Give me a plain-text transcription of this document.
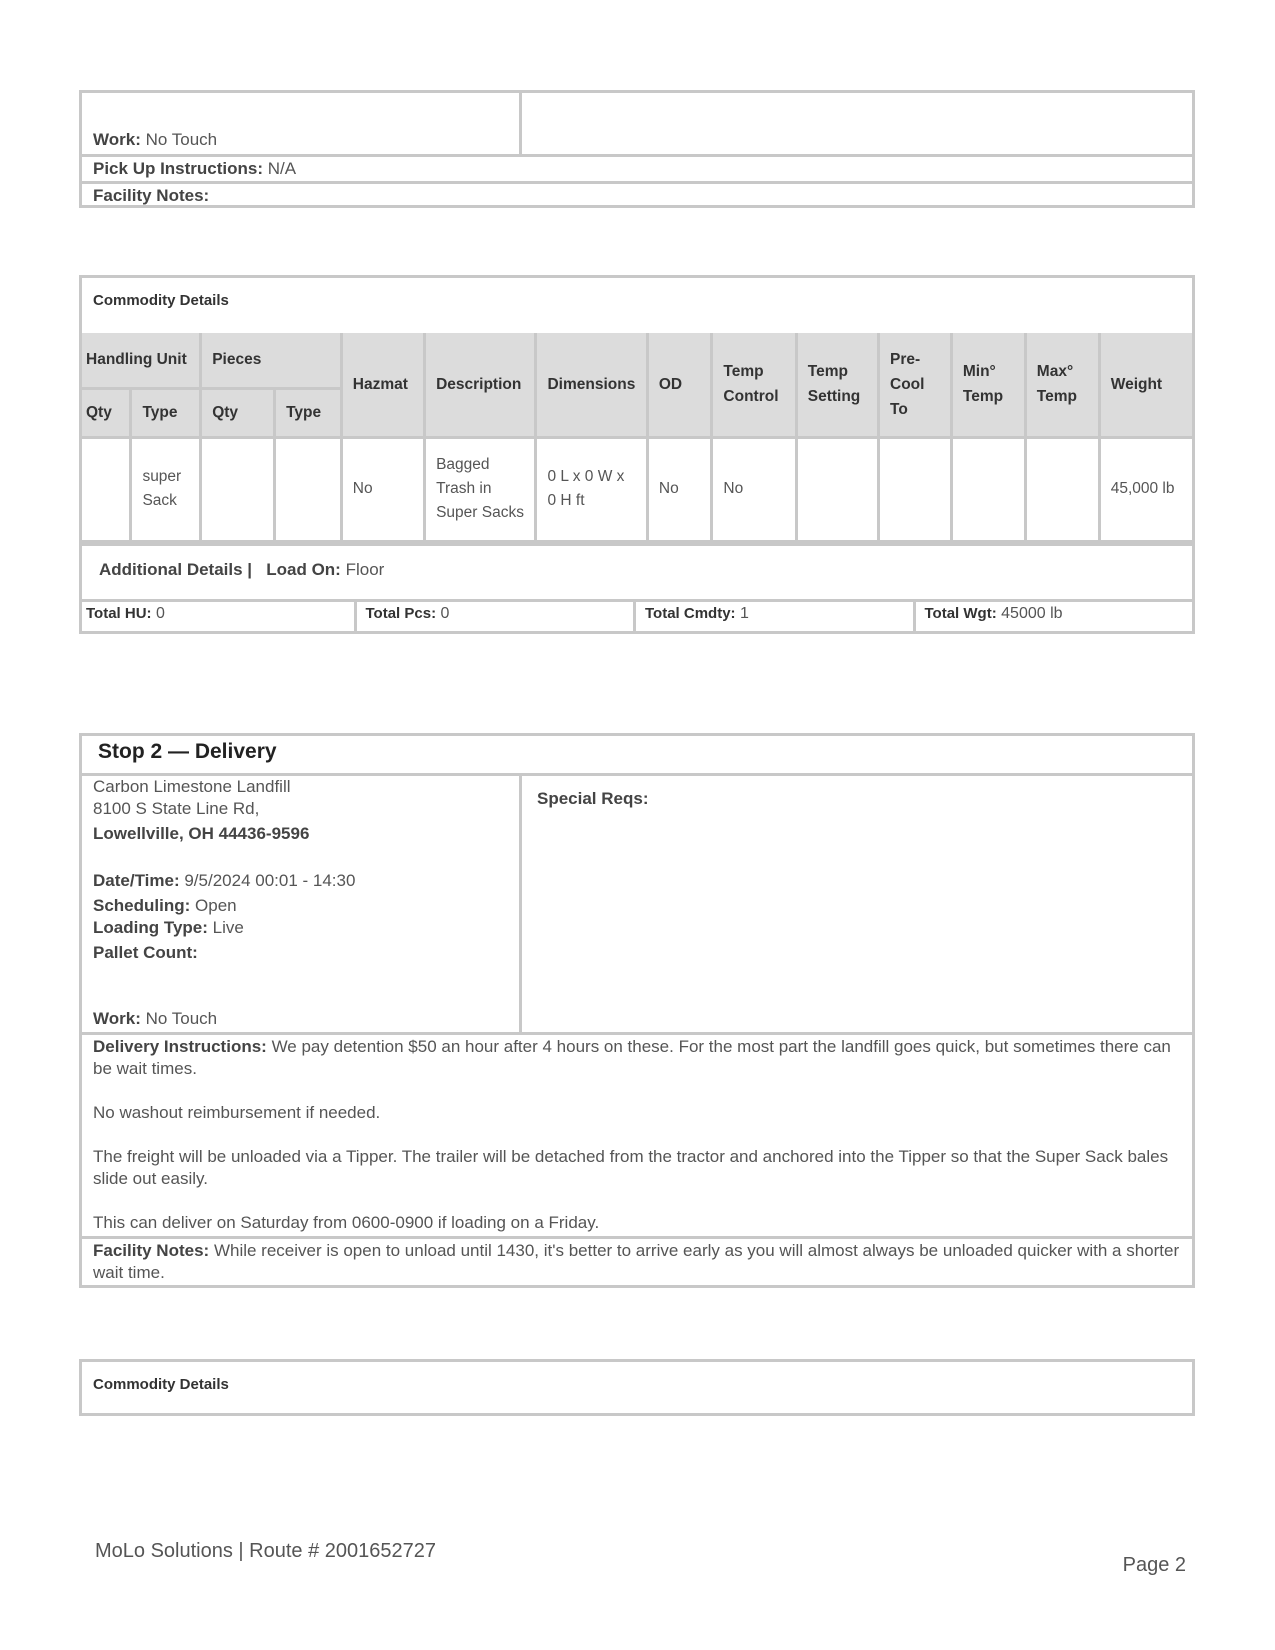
Work: No Touch
Pick Up Instructions: N/A
Facility Notes:
Commodity Details
Handling Unit		Pieces		Hazmat	Description	Dimensions	OD	Temp Control	Temp Setting	Pre-Cool To	Min° Temp	Max° Temp	Weight
Qty	Type	Qty	Type										
	super Sack			No	Bagged Trash in Super Sacks	0 L x 0 W x 0 H ft	No	No					45,000 lb
Additional Details | Load On: Floor
Total HU: 0	Total Pcs: 0	Total Cmdty: 1	Total Wgt: 45000 lb
Stop 2 — Delivery
Carbon Limestone Landfill
8100 S State Line Rd,
Lowellville, OH 44436-9596
Date/Time: 9/5/2024 00:01 - 14:30
Scheduling: Open
Loading Type: Live
Pallet Count:
Work: No Touch
Special Reqs:

Delivery Instructions: We pay detention $50 an hour after 4 hours on these. For the most part the landfill goes quick, but sometimes there can be wait times.

No washout reimbursement if needed.

The freight will be unloaded via a Tipper. The trailer will be detached from the tractor and anchored into the Tipper so that the Super Sack bales slide out easily.

This can deliver on Saturday from 0600-0900 if loading on a Friday.

Facility Notes: While receiver is open to unload until 1430, it's better to arrive early as you will almost always be unloaded quicker with a shorter wait time.
Commodity Details
MoLo Solutions | Route # 2001652727
Page 2
